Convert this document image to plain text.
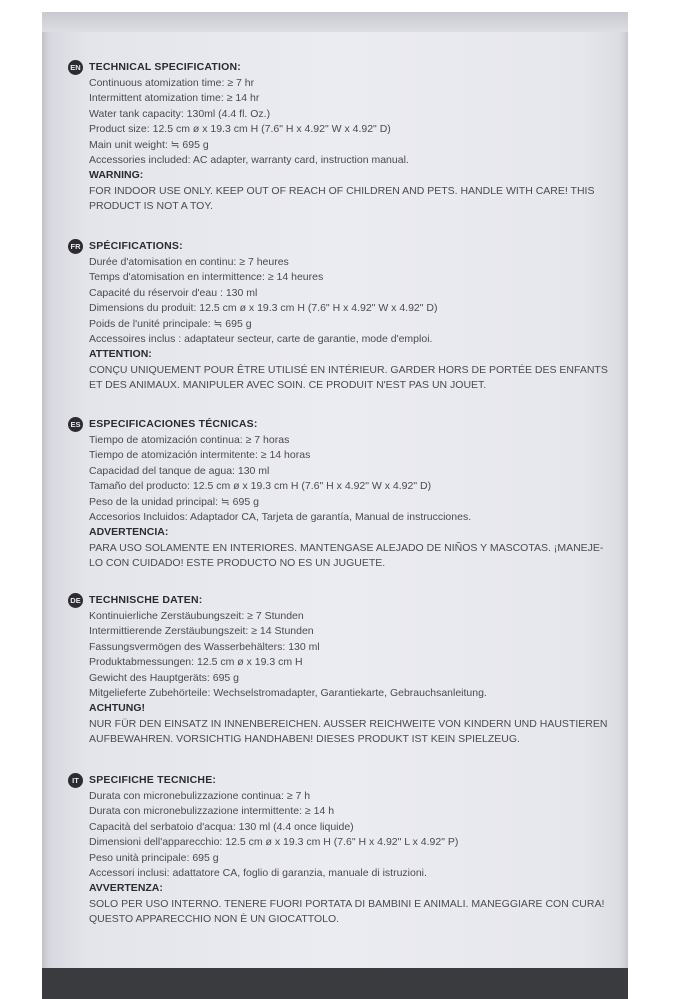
EN TECHNICAL SPECIFICATION:
Continuous atomization time: ≥ 7 hr
Intermittent atomization time: ≥ 14 hr
Water tank capacity: 130ml (4.4 fl. Oz.)
Product size: 12.5 cm ø x 19.3 cm H (7.6" H x 4.92" W x 4.92" D)
Main unit weight: ≒ 695 g
Accessories included: AC adapter, warranty card, instruction manual.
WARNING:
FOR INDOOR USE ONLY. KEEP OUT OF REACH OF CHILDREN AND PETS. HANDLE WITH CARE! THIS PRODUCT IS NOT A TOY.
FR SPÉCIFICATIONS:
Durée d'atomisation en continu: ≥ 7 heures
Temps d'atomisation en intermittence: ≥ 14 heures
Capacité du réservoir d'eau : 130 ml
Dimensions du produit: 12.5 cm ø x 19.3 cm H (7.6" H x 4.92" W x 4.92" D)
Poids de l'unité principale: ≒ 695 g
Accessoires inclus : adaptateur secteur, carte de garantie, mode d'emploi.
ATTENTION:
CONÇU UNIQUEMENT POUR ÊTRE UTILISÉ EN INTÉRIEUR. GARDER HORS DE PORTÉE DES ENFANTS ET DES ANIMAUX. MANIPULER AVEC SOIN. CE PRODUIT N'EST PAS UN JOUET.
ES ESPECIFICACIONES TÉCNICAS:
Tiempo de atomización continua: ≥ 7 horas
Tiempo de atomización intermitente: ≥ 14 horas
Capacidad del tanque de agua: 130 ml
Tamaño del producto: 12.5 cm ø x 19.3 cm H (7.6" H x 4.92" W x 4.92" D)
Peso de la unidad principal: ≒ 695 g
Accesorios Incluidos: Adaptador CA, Tarjeta de garantía, Manual de instrucciones.
ADVERTENCIA:
PARA USO SOLAMENTE EN INTERIORES. MANTENGASE ALEJADO DE NIÑOS Y MASCOTAS. ¡MANEJE-LO CON CUIDADO! ESTE PRODUCTO NO ES UN JUGUETE.
DE TECHNISCHE DATEN:
Kontinuierliche Zerstäubungszeit: ≥ 7 Stunden
Intermittierende Zerstäubungszeit: ≥ 14 Stunden
Fassungsvermögen des Wasserbehälters: 130 ml
Produktabmessungen: 12.5 cm ø x 19.3 cm H
Gewicht des Hauptgeräts: 695 g
Mitgelieferte Zubehörteile: Wechselstromadapter, Garantiekarte, Gebrauchsanleitung.
ACHTUNG!
NUR FÜR DEN EINSATZ IN INNENBEREICHEN. AUSSER REICHWEITE VON KINDERN UND HAUSTIEREN AUFBEWAHREN. VORSICHTIG HANDHABEN! DIESES PRODUKT IST KEIN SPIELZEUG.
IT SPECIFICHE TECNICHE:
Durata con micronebulizzazione continua: ≥ 7 h
Durata con micronebulizzazione intermittente: ≥ 14 h
Capacità del serbatoio d'acqua: 130 ml (4.4 once liquide)
Dimensioni dell'apparecchio: 12.5 cm ø x 19.3 cm H (7.6" H x 4.92" L x 4.92" P)
Peso unità principale: 695 g
Accessori inclusi: adattatore CA, foglio di garanzia, manuale di istruzioni.
AVVERTENZA:
SOLO PER USO INTERNO. TENERE FUORI PORTATA DI BAMBINI E ANIMALI. MANEGGIARE CON CURA! QUESTO APPARECCHIO NON È UN GIOCATTOLO.
